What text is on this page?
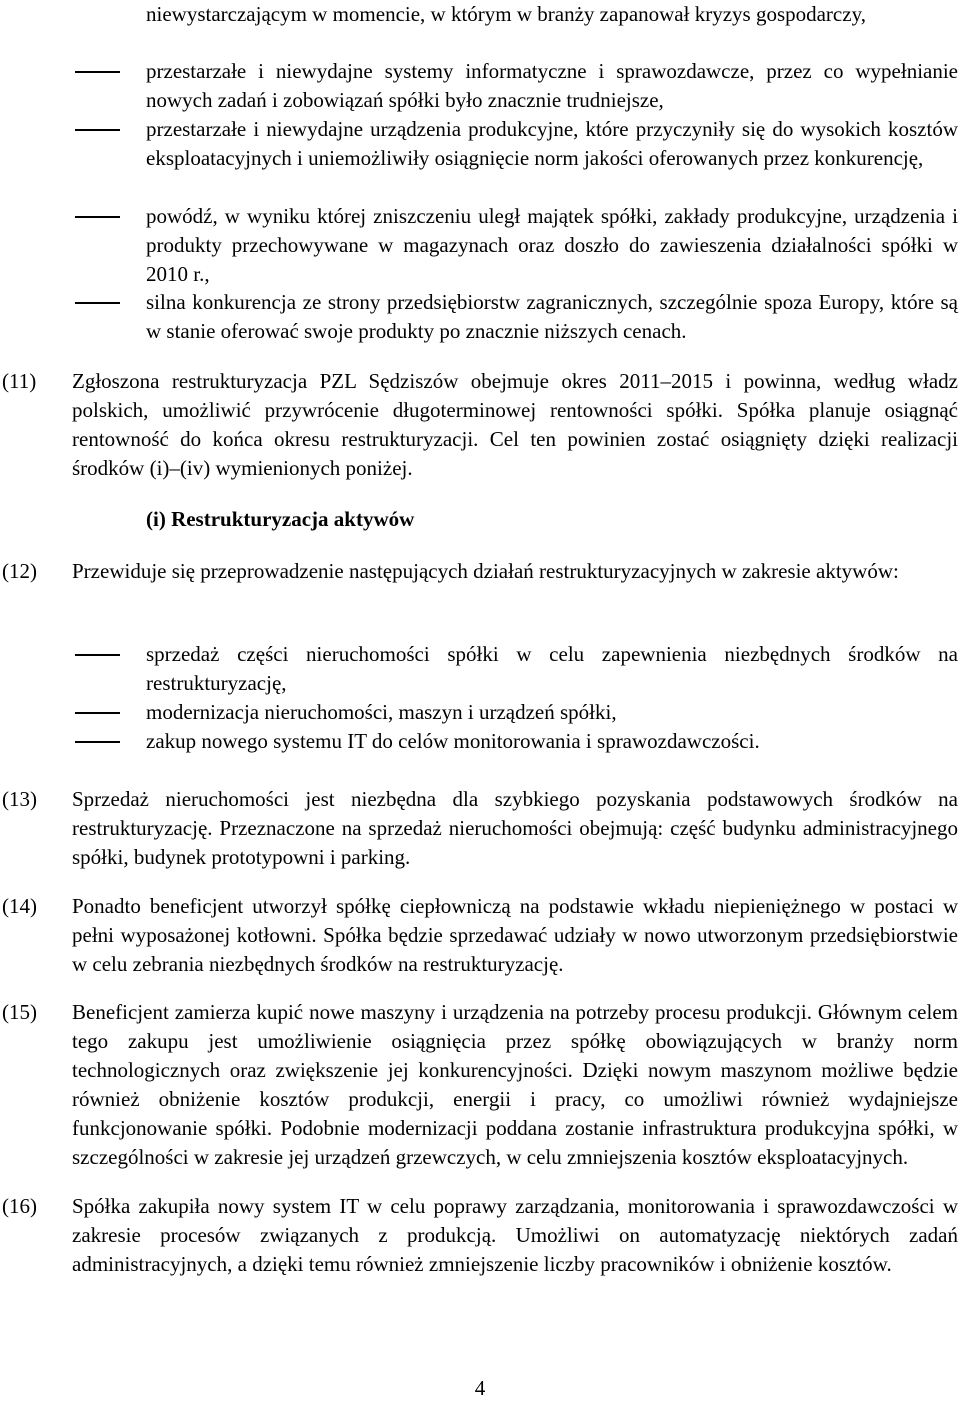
niewystarczającym w momencie, w którym w branży zapanował kryzys gospodarczy,

przestarzałe i niewydajne systemy informatyczne i sprawozdawcze, przez co wypełnianie nowych zadań i zobowiązań spółki było znacznie trudniejsze,

przestarzałe i niewydajne urządzenia produkcyjne, które przyczyniły się do wysokich kosztów eksploatacyjnych i uniemożliwiły osiągnięcie norm jakości oferowanych przez konkurencję,

powódź, w wyniku której zniszczeniu uległ majątek spółki, zakłady produkcyjne, urządzenia i produkty przechowywane w magazynach oraz doszło do zawieszenia działalności spółki w 2010 r.,

silna konkurencja ze strony przedsiębiorstw zagranicznych, szczególnie spoza Europy, które są w stanie oferować swoje produkty po znacznie niższych cenach.

(11) Zgłoszona restrukturyzacja PZL Sędziszów obejmuje okres 2011–2015 i powinna, według władz polskich, umożliwić przywrócenie długoterminowej rentowności spółki. Spółka planuje osiągnąć rentowność do końca okresu restrukturyzacji. Cel ten powinien zostać osiągnięty dzięki realizacji środków (i)–(iv) wymienionych poniżej.

(i) Restrukturyzacja aktywów
(12) Przewiduje się przeprowadzenie następujących działań restrukturyzacyjnych w zakresie aktywów:

sprzedaż części nieruchomości spółki w celu zapewnienia niezbędnych środków na restrukturyzację,

modernizacja nieruchomości, maszyn i urządzeń spółki,

zakup nowego systemu IT do celów monitorowania i sprawozdawczości.

(13) Sprzedaż nieruchomości jest niezbędna dla szybkiego pozyskania podstawowych środków na restrukturyzację. Przeznaczone na sprzedaż nieruchomości obejmują: część budynku administracyjnego spółki, budynek prototypowni i parking.

(14) Ponadto beneficjent utworzył spółkę ciepłowniczą na podstawie wkładu niepieniężnego w postaci w pełni wyposażonej kotłowni. Spółka będzie sprzedawać udziały w nowo utworzonym przedsiębiorstwie w celu zebrania niezbędnych środków na restrukturyzację.

(15) Beneficjent zamierza kupić nowe maszyny i urządzenia na potrzeby procesu produkcji. Głównym celem tego zakupu jest umożliwienie osiągnięcia przez spółkę obowiązujących w branży norm technologicznych oraz zwiększenie jej konkurencyjności. Dzięki nowym maszynom możliwe będzie również obniżenie kosztów produkcji, energii i pracy, co umożliwi również wydajniejsze funkcjonowanie spółki. Podobnie modernizacji poddana zostanie infrastruktura produkcyjna spółki, w szczególności w zakresie jej urządzeń grzewczych, w celu zmniejszenia kosztów eksploatacyjnych.

(16) Spółka zakupiła nowy system IT w celu poprawy zarządzania, monitorowania i sprawozdawczości w zakresie procesów związanych z produkcją. Umożliwi on automatyzację niektórych zadań administracyjnych, a dzięki temu również zmniejszenie liczby pracowników i obniżenie kosztów.

4
